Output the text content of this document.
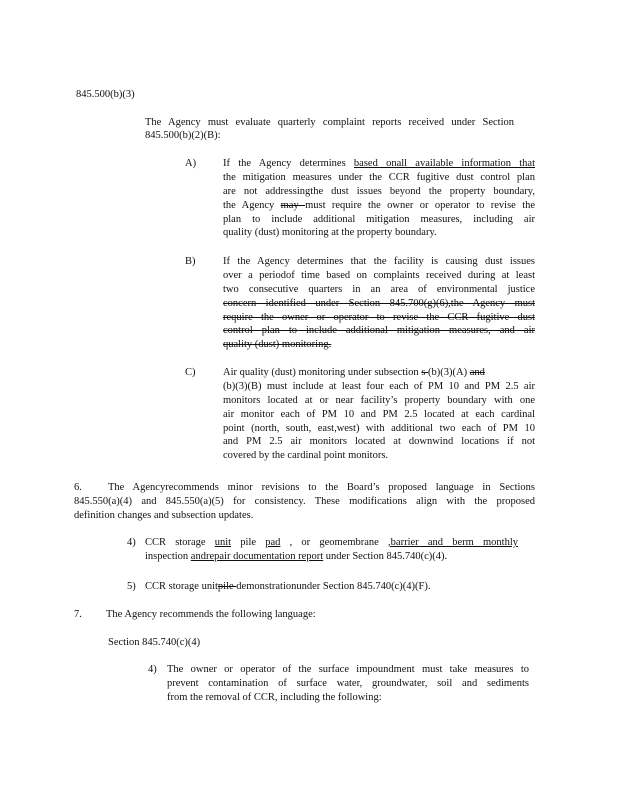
845.500(b)(3)
The Agency must evaluate quarterly complaint reports received under Section
845.500(b)(2)(B):
A)	If the Agency determines based onall available information that
the mitigation measures under the CCR fugitive dust control plan
are not addressingthe dust issues beyond the property boundary,
the Agency may must require the owner or operator to revise the
plan to include additional mitigation measures, including air
quality (dust) monitoring at the property boundary.
B)	If the Agency determines that the facility is causing dust issues
over a periodof time based on complaints received during at least
two consecutive quarters in an area of environmental justice
concern identified under Section 845.700(g)(6),the Agency must
require the owner or operator to revise the CCR fugitive dust
control plan to include additional mitigation measures, and air
quality (dust) monitoring.
C)	Air quality (dust) monitoring under subsection s (b)(3)(A) and
(b)(3)(B) must include at least four each of PM 10 and PM 2.5 air
monitors located at or near facility’s property boundary with one
air monitor each of PM 10 and PM 2.5 located at each cardinal
point (north, south, east,west) with additional two each of PM 10
and PM 2.5 air monitors located at downwind locations if not
covered by the cardinal point monitors.
6. The Agencyrecommends minor revisions to the Board’s proposed language in Sections
845.550(a)(4) and 845.550(a)(5) for consistency. These modifications align with the proposed
definition changes and subsection updates.
4) CCR storage unit pile pad , or geomembrane ,barrier and berm monthly
inspection andrepair documentation report under Section 845.740(c)(4).
5) CCR storage unitpile demonstrationunder Section 845.740(c)(4)(F).
7. The Agency recommends the following language:
Section 845.740(c)(4)
4) The owner or operator of the surface impoundment must take measures to
prevent contamination of surface water, groundwater, soil and sediments
from the removal of CCR, including the following:
